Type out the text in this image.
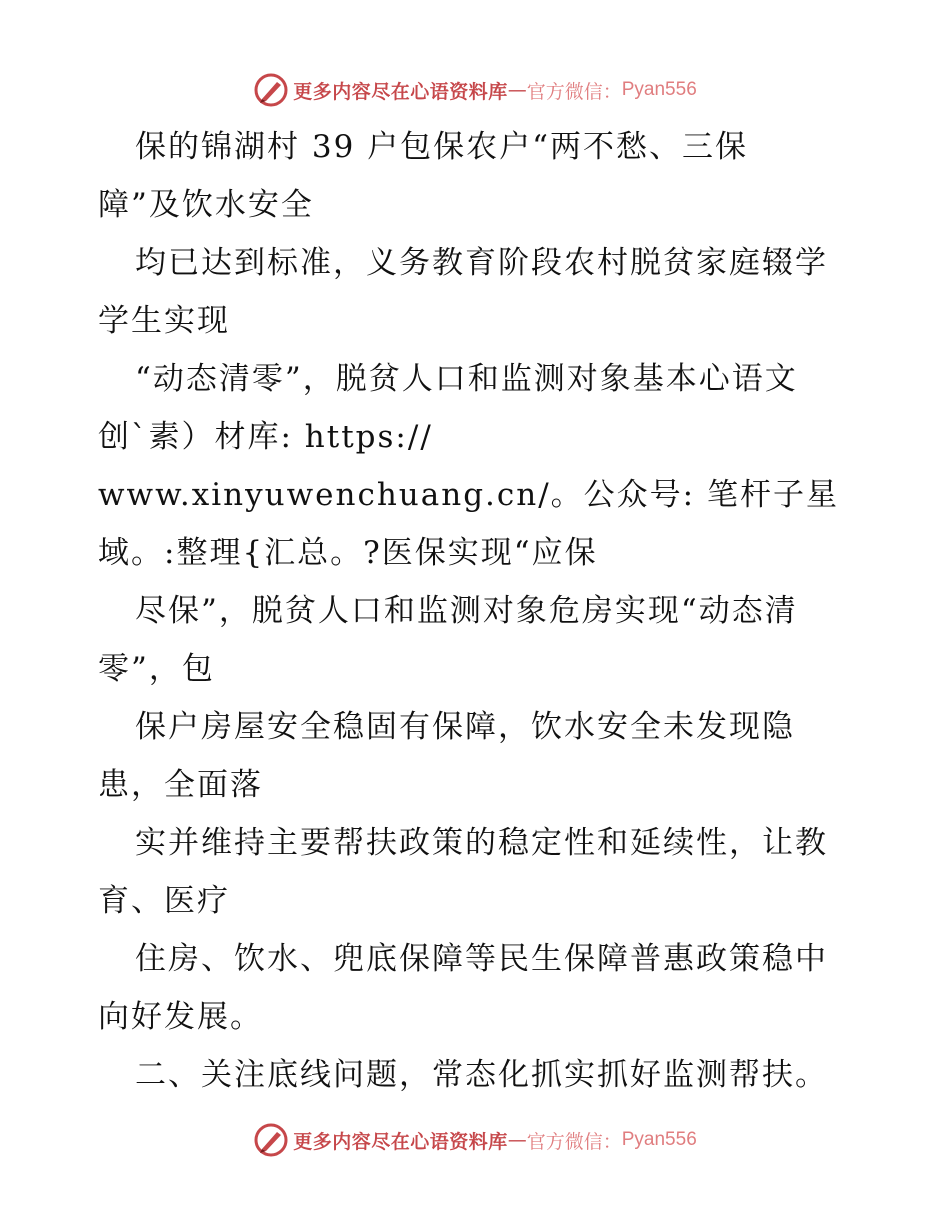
更多内容尽在心语资料库 — 官方微信： Pyan556
保的锦湖村 39 户包保农户“两不愁、三保
障”及饮水安全
均已达到标准，义务教育阶段农村脱贫家庭辍学
学生实现
“动态清零”，脱贫人口和监测对象基本心语文
创`素）材库: https://
www.xinyuwenchuang.cn/。公众号: 笔杆子星
域。:整理{汇总。?医保实现“应保
尽保”，脱贫人口和监测对象危房实现“动态清
零”，包
保户房屋安全稳固有保障，饮水安全未发现隐
患，全面落
实并维持主要帮扶政策的稳定性和延续性，让教
育、医疗
住房、饮水、兜底保障等民生保障普惠政策稳中
向好发展。
二、关注底线问题，常态化抓实抓好监测帮扶。
更多内容尽在心语资料库 — 官方微信： Pyan556
